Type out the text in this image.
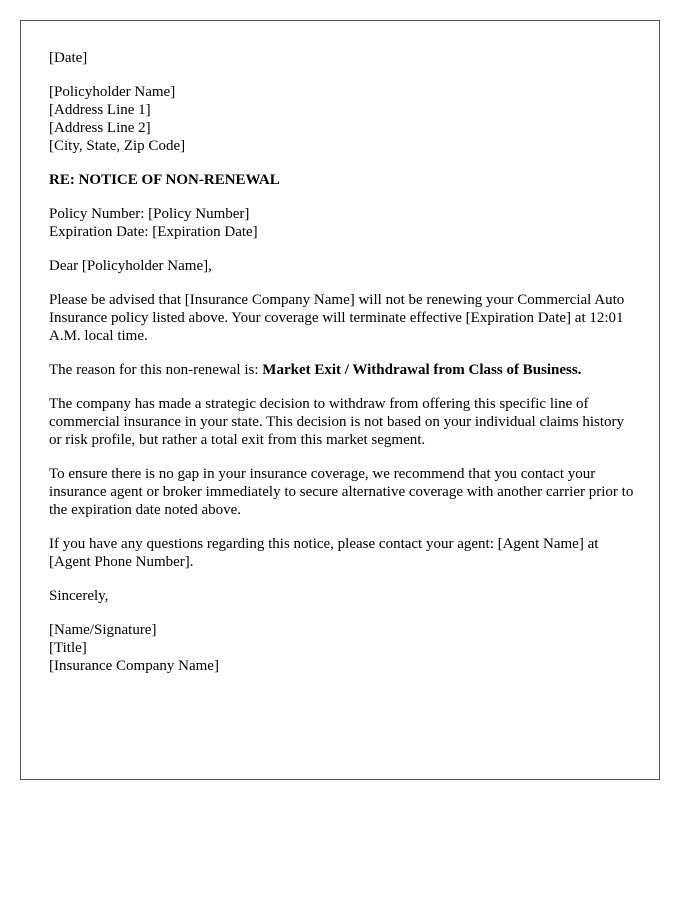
[Date]
[Policyholder Name]
[Address Line 1]
[Address Line 2]
[City, State, Zip Code]
RE: NOTICE OF NON-RENEWAL
Policy Number: [Policy Number]
Expiration Date: [Expiration Date]
Dear [Policyholder Name],
Please be advised that [Insurance Company Name] will not be renewing your Commercial Auto Insurance policy listed above. Your coverage will terminate effective [Expiration Date] at 12:01 A.M. local time.
The reason for this non-renewal is: Market Exit / Withdrawal from Class of Business.
The company has made a strategic decision to withdraw from offering this specific line of commercial insurance in your state. This decision is not based on your individual claims history or risk profile, but rather a total exit from this market segment.
To ensure there is no gap in your insurance coverage, we recommend that you contact your insurance agent or broker immediately to secure alternative coverage with another carrier prior to the expiration date noted above.
If you have any questions regarding this notice, please contact your agent: [Agent Name] at [Agent Phone Number].
Sincerely,
[Name/Signature]
[Title]
[Insurance Company Name]
